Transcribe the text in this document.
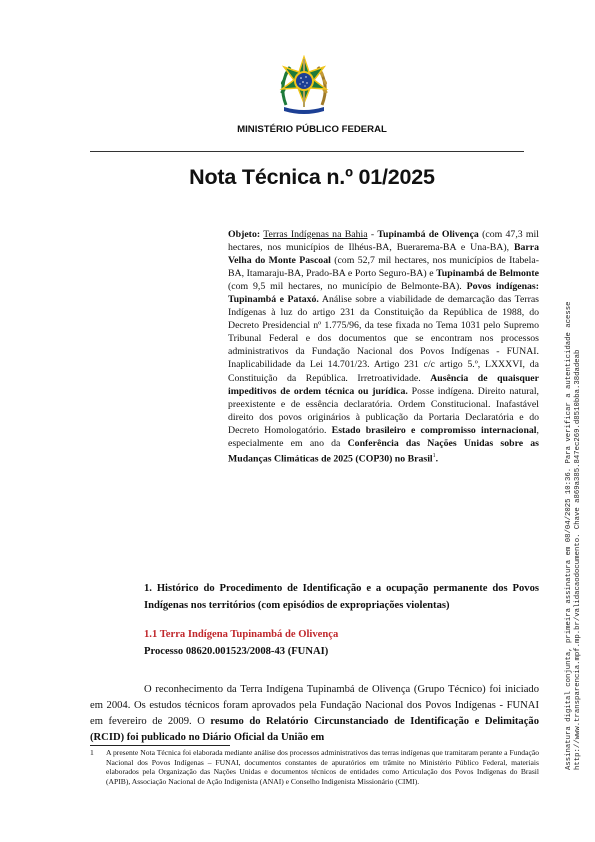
MINISTÉRIO PÚBLICO FEDERAL
Nota Técnica n.º 01/2025
Objeto: Terras Indígenas na Bahia - Tupinambá de Olivença (com 47,3 mil hectares, nos municípios de Ilhéus-BA, Buerarema-BA e Una-BA), Barra Velha do Monte Pascoal (com 52,7 mil hectares, nos municípios de Itabela-BA, Itamaraju-BA, Prado-BA e Porto Seguro-BA) e Tupinambá de Belmonte (com 9,5 mil hectares, no município de Belmonte-BA). Povos indígenas: Tupinambá e Pataxó. Análise sobre a viabilidade de demarcação das Terras Indígenas à luz do artigo 231 da Constituição da República de 1988, do Decreto Presidencial nº 1.775/96, da tese fixada no Tema 1031 pelo Supremo Tribunal Federal e dos documentos que se encontram nos processos administrativos da Fundação Nacional dos Povos Indígenas - FUNAI. Inaplicabilidade da Lei 14.701/23. Artigo 231 c/c artigo 5.º, LXXXVI, da Constituição da República. Irretroatividade. Ausência de quaisquer impeditivos de ordem técnica ou jurídica. Posse indígena. Direito natural, preexistente e de essência declaratória. Ordem Constitucional. Inafastável direito dos povos originários à publicação da Portaria Declaratória e do Decreto Homologatório. Estado brasileiro e compromisso internacional, especialmente em ano da Conferência das Nações Unidas sobre as Mudanças Climáticas de 2025 (COP30) no Brasil$^1$.
1. Histórico do Procedimento de Identificação e a ocupação permanente dos Povos Indígenas nos territórios (com episódios de expropriações violentas)
1.1 Terra Indígena Tupinambá de Olivença
Processo 08620.001523/2008-43 (FUNAI)
O reconhecimento da Terra Indígena Tupinambá de Olivença (Grupo Técnico) foi iniciado em 2004. Os estudos técnicos foram aprovados pela Fundação Nacional dos Povos Indígenas - FUNAI em fevereiro de 2009. O resumo do Relatório Circunstanciado de Identificação e Delimitação (RCID) foi publicado no Diário Oficial da União em
1 A presente Nota Técnica foi elaborada mediante análise dos processos administrativos das terras indígenas que tramitaram perante a Fundação Nacional dos Povos Indígenas – FUNAI, documentos constantes de apuratórios em trâmite no Ministério Público Federal, materiais elaborados pela Organização das Nações Unidas e documentos técnicos de entidades como Articulação dos Povos Indígenas do Brasil (APIB), Associação Nacional de Ação Indigenista (ANAI) e Conselho Indigenista Missionário (CIMI).
Assinatura digital conjunta, primeira assinatura em 08/04/2025 10:36. Para verificar a autenticidade acesse http://www.transparencia.mpf.mp.br/validacaodocumento. Chave a869a385.847ec269.d8510bba.38dadeab
